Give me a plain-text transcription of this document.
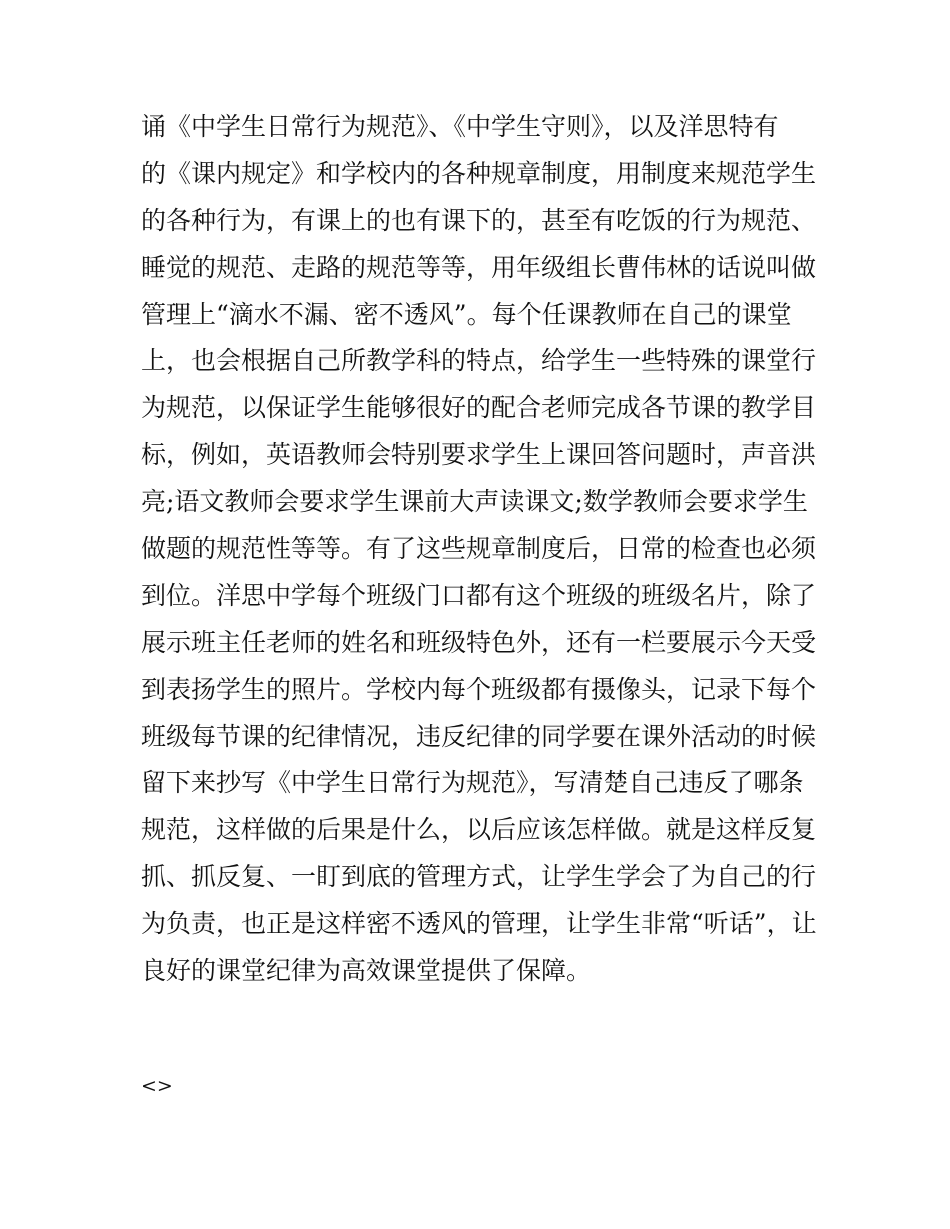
诵《中学生日常行为规范》、《中学生守则》，以及洋思特有
的《课内规定》和学校内的各种规章制度，用制度来规范学生
的各种行为，有课上的也有课下的，甚至有吃饭的行为规范、
睡觉的规范、走路的规范等等，用年级组长曹伟林的话说叫做
管理上“滴水不漏、密不透风”。每个任课教师在自己的课堂
上，也会根据自己所教学科的特点，给学生一些特殊的课堂行
为规范，以保证学生能够很好的配合老师完成各节课的教学目
标，例如，英语教师会特别要求学生上课回答问题时，声音洪
亮;语文教师会要求学生课前大声读课文;数学教师会要求学生
做题的规范性等等。有了这些规章制度后，日常的检查也必须
到位。洋思中学每个班级门口都有这个班级的班级名片，除了
展示班主任老师的姓名和班级特色外，还有一栏要展示今天受
到表扬学生的照片。学校内每个班级都有摄像头，记录下每个
班级每节课的纪律情况，违反纪律的同学要在课外活动的时候
留下来抄写《中学生日常行为规范》，写清楚自己违反了哪条
规范，这样做的后果是什么，以后应该怎样做。就是这样反复
抓、抓反复、一盯到底的管理方式，让学生学会了为自己的行
为负责，也正是这样密不透风的管理，让学生非常“听话”，让
良好的课堂纪律为高效课堂提供了保障。
<>
